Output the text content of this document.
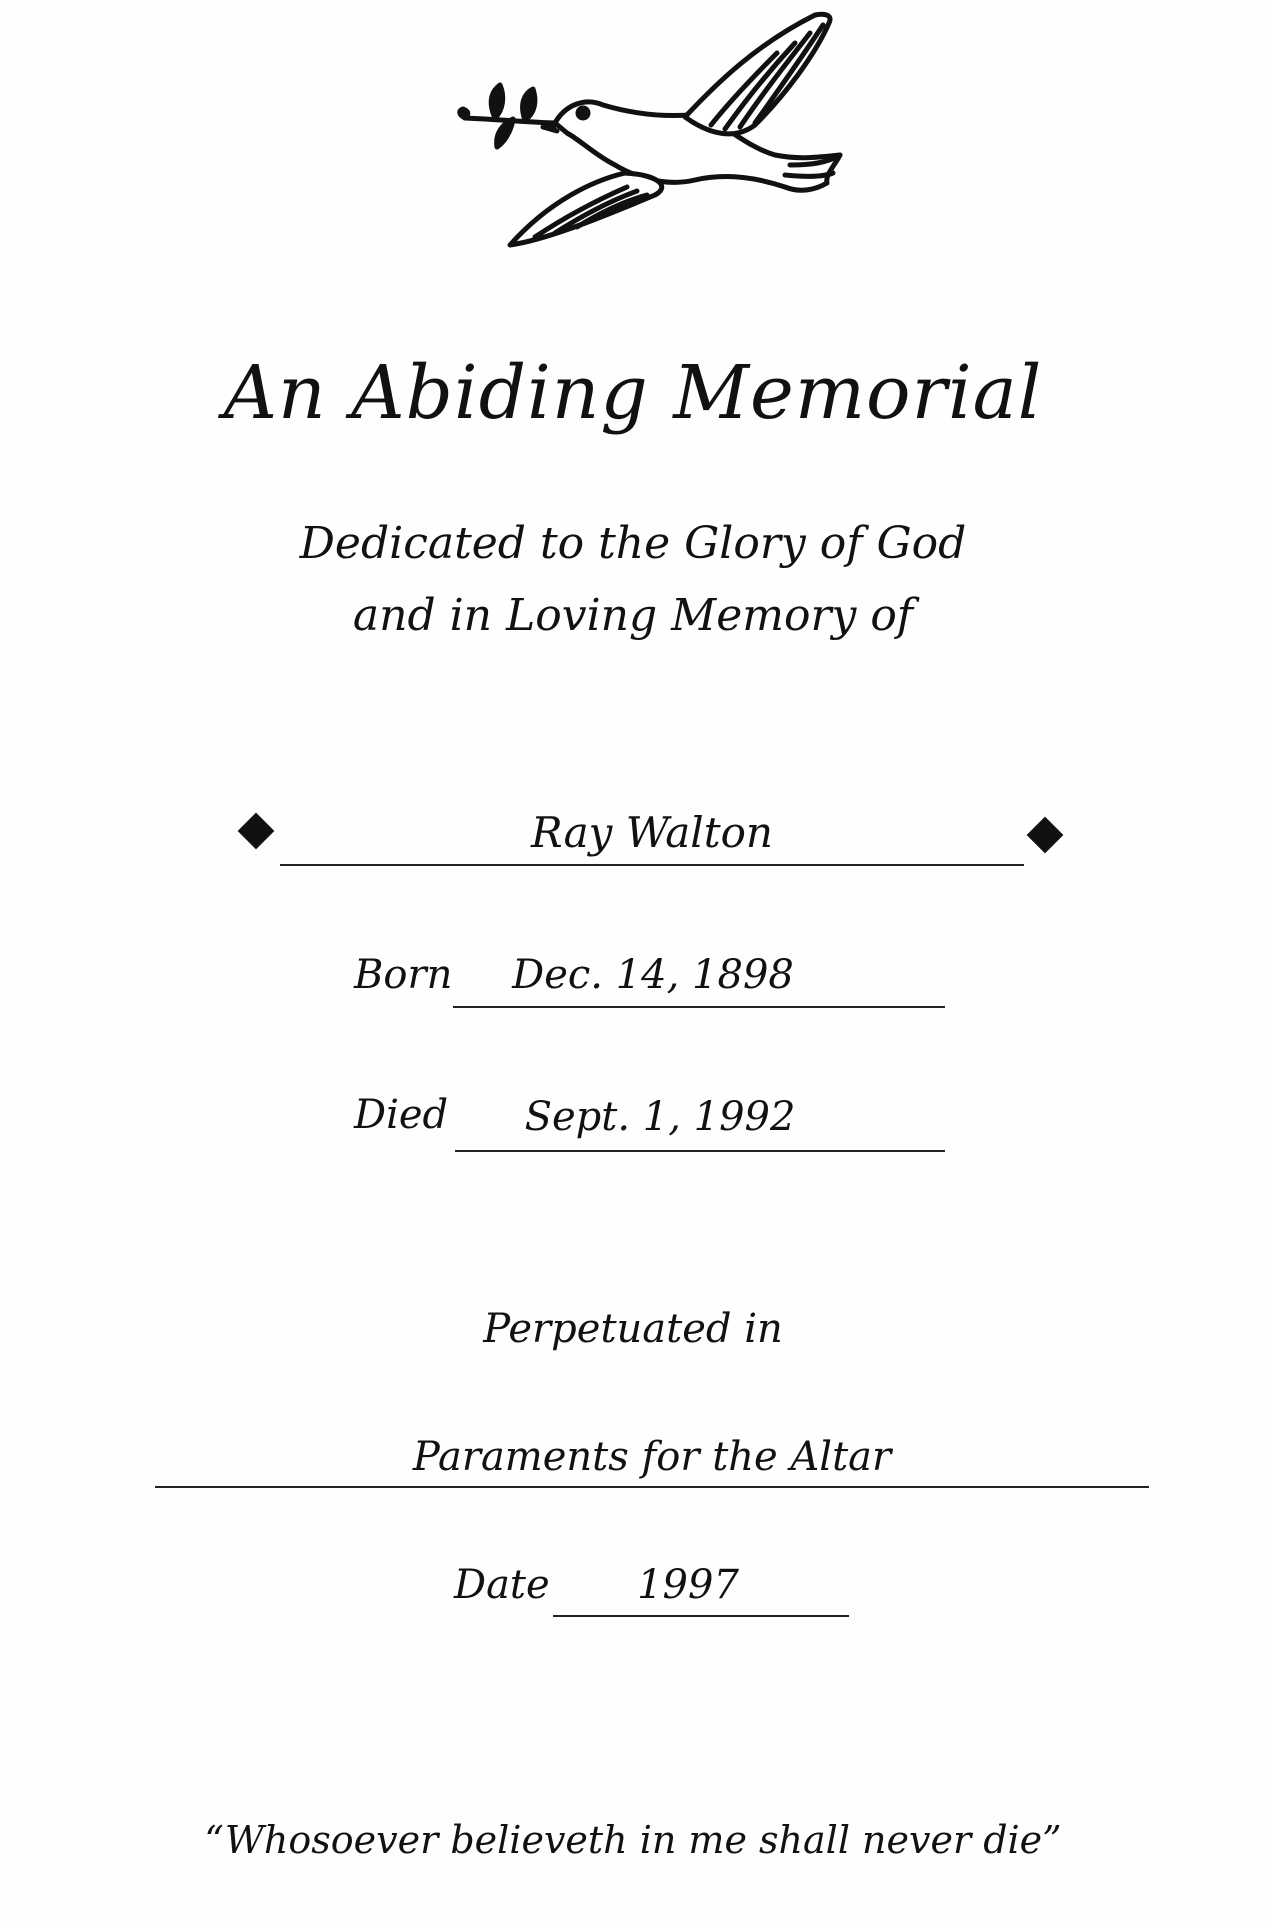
An Abiding Memorial
Dedicated to the Glory of God
and in Loving Memory of
Ray Walton
Born	Dec. 14, 1898
Died	Sept. 1, 1992
Perpetuated in
Paraments for the Altar
Date	1997
“Whosoever believeth in me shall never die”
